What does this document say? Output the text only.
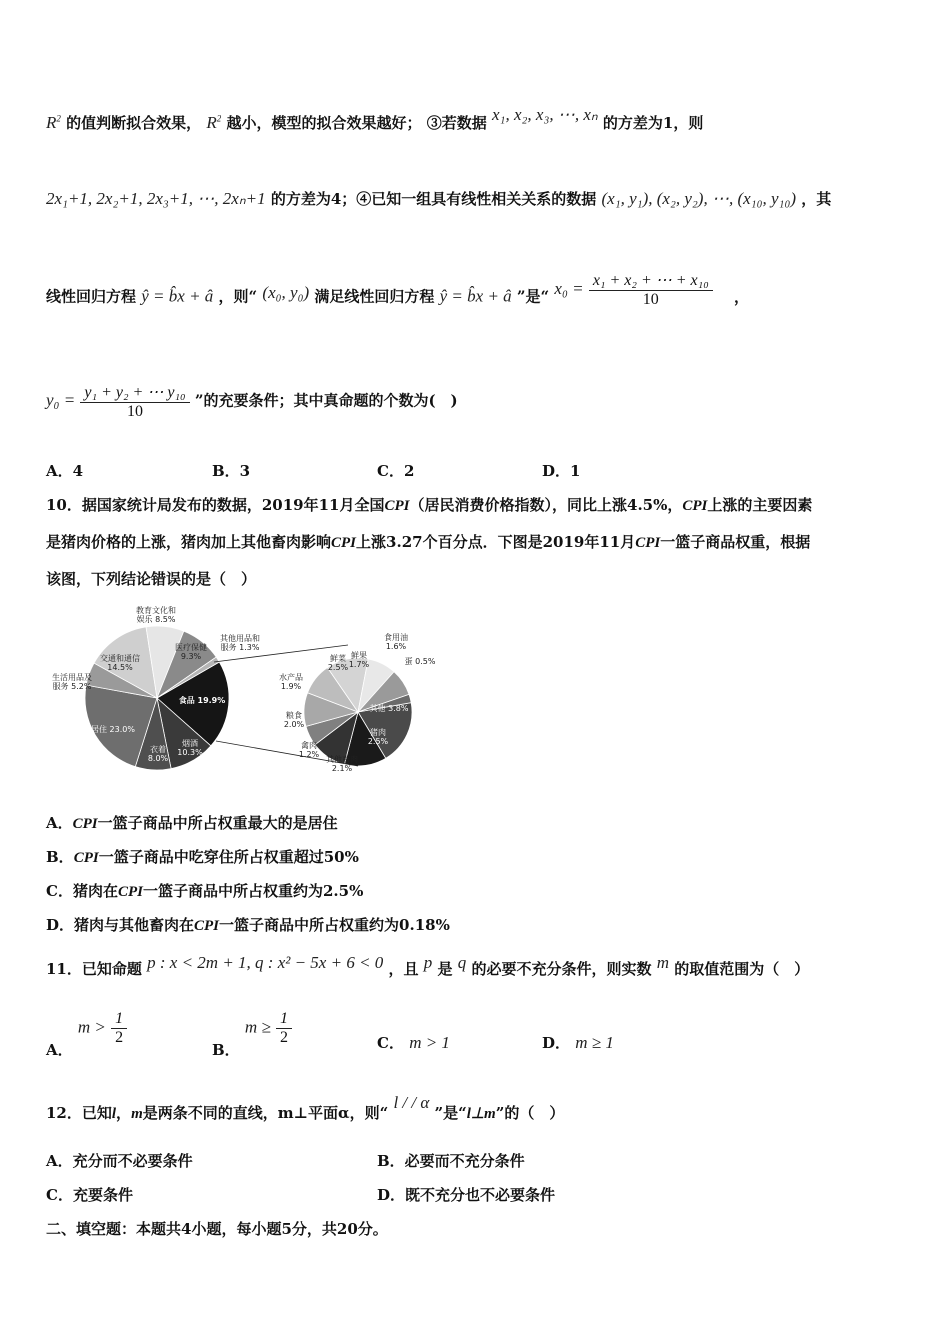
$R^2$ 的值判断拟合效果， $R^2$ 越小，模型的拟合效果越好； ③若数据 x₁, x₂, x₃, ⋯, xₙ 的方差为1，则
2x₁+1, 2x₂+1, 2x₃+1, ⋯, 2xₙ+1 的方差为4；④已知一组具有线性相关关系的数据 (x₁, y₁), (x₂, y₂), ⋯, (x₁₀, y₁₀) ，其
线性回归方程 ŷ = b̂x + â ，则“ (x₀, y₀) 满足线性回归方程 ŷ = b̂x + â ”是“ $x_0 = \frac{\text{x₁ + x₂ + ⋯ + x₁₀}}{10}$ ，
$y_0 = \frac{\text{y₁ + y₂ + ⋯ y₁₀}}{10}$ ”的充要条件；其中真命题的个数为(　)
A．4	B．3	C．2	D．1
10．据国家统计局发布的数据，2019年11月全国CPI（居民消费价格指数），同比上涨4.5%，CPI上涨的主要因素
是猪肉价格的上涨，猪肉加上其他畜肉影响CPI上涨3.27个百分点．下图是2019年11月CPI一篮子商品权重，根据
该图，下列结论错误的是（　）
食品 19.9%
烟酒 10.3%
衣着 8.0%
居住 23.0%
生活用品及服务 5.2%
交通和通信 14.5%
教育文化和娱乐 8.5%
医疗保健 9.3%
其他用品和服务 1.3%
其他 3.8%
猪肉 2.5%
其他畜肉 2.1%
禽肉 1.2%
粮食 2.0%
水产品 1.9%
鲜菜 2.5%
鲜果 1.7%
食用油 1.6%
蛋 0.5%
A．CPI一篮子商品中所占权重最大的是居住
B．CPI一篮子商品中吃穿住所占权重超过50%
C．猪肉在CPI一篮子商品中所占权重约为2.5%
D．猪肉与其他畜肉在CPI一篮子商品中所占权重约为0.18%
11．已知命题 p : x < 2m + 1, q : x² − 5x + 6 < 0 ，且 p 是 q 的必要不充分条件，则实数 m 的取值范围为（　）
A． $m > \frac{1}{2}$
B． $m \ge \frac{1}{2}$	C． m > 1	D． m ≥ 1
12．已知l，m是两条不同的直线，m⊥平面α，则“ l / / α ”是“l⊥m”的（　）
A．充分而不必要条件	B．必要而不充分条件
C．充要条件	D．既不充分也不必要条件
二、填空题：本题共4小题，每小题5分，共20分。
